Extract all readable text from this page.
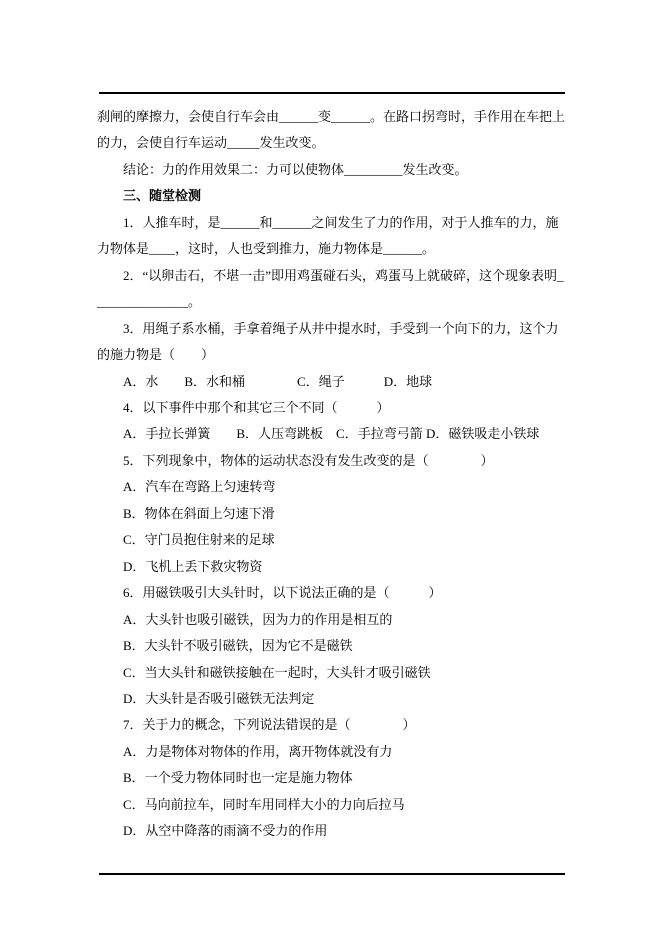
刹闸的摩擦力，会使自行车会由______变______。在路口拐弯时，手作用在车把上的力，会使自行车运动_____发生改变。

结论：力的作用效果二：力可以使物体_________发生改变。

三、随堂检测

1．人推车时，是______和______之间发生了力的作用，对于人推车的力，施力物体是____，这时，人也受到推力，施力物体是______。

2．“以卵击石，不堪一击”即用鸡蛋碰石头，鸡蛋马上就破碎，这个现象表明_______________。

3．用绳子系水桶，手拿着绳子从井中提水时，手受到一个向下的力，这个力的施力物是（　　）

A．水　　B．水和桶　　　　C．绳子　　　D．地球

4．以下事件中那个和其它三个不同（　　　）

A．手拉长弹簧　　B．人压弯跳板　C．手拉弯弓箭 D．磁铁吸走小铁球

5．下列现象中，物体的运动状态没有发生改变的是（　　　　）

A．汽车在弯路上匀速转弯

B．物体在斜面上匀速下滑

C．守门员抱住射来的足球

D．飞机上丢下救灾物资

6．用磁铁吸引大头针时，以下说法正确的是（　　　）

A．大头针也吸引磁铁，因为力的作用是相互的

B．大头针不吸引磁铁，因为它不是磁铁

C．当大头针和磁铁接触在一起时，大头针才吸引磁铁

D．大头针是否吸引磁铁无法判定

7．关于力的概念，下列说法错误的是（　　　　）

A．力是物体对物体的作用，离开物体就没有力

B．一个受力物体同时也一定是施力物体

C．马向前拉车，同时车用同样大小的力向后拉马

D．从空中降落的雨滴不受力的作用
